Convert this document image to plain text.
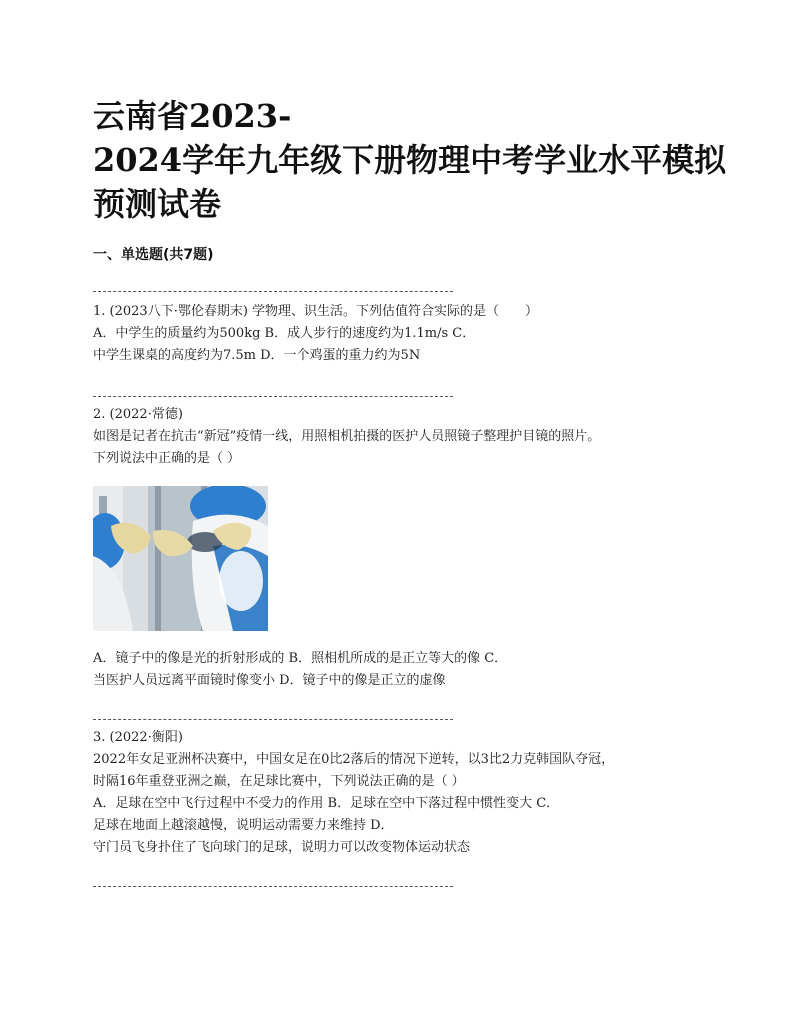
云南省2023-
2024学年九年级下册物理中考学业水平模拟
预测试卷
一、单选题(共7题)
1. (2023八下·鄂伦春期末) 学物理、识生活。下列估值符合实际的是（　　）
A．中学生的质量约为500kg B．成人步行的速度约为1.1m/s C．
中学生课桌的高度约为7.5m D．一个鸡蛋的重力约为5N
2. (2022·常德)
如图是记者在抗击“新冠”疫情一线，用照相机拍摄的医护人员照镜子整理护目镜的照片。
下列说法中正确的是（ ）
A．镜子中的像是光的折射形成的 B．照相机所成的是正立等大的像 C．
当医护人员远离平面镜时像变小 D．镜子中的像是正立的虚像
3. (2022·衡阳)
2022年女足亚洲杯决赛中，中国女足在0比2落后的情况下逆转，以3比2力克韩国队夺冠，
时隔16年重登亚洲之巅，在足球比赛中，下列说法正确的是（ ）
A．足球在空中飞行过程中不受力的作用 B．足球在空中下落过程中惯性变大 C．
足球在地面上越滚越慢，说明运动需要力来维持 D．
守门员飞身扑住了飞向球门的足球，说明力可以改变物体运动状态
